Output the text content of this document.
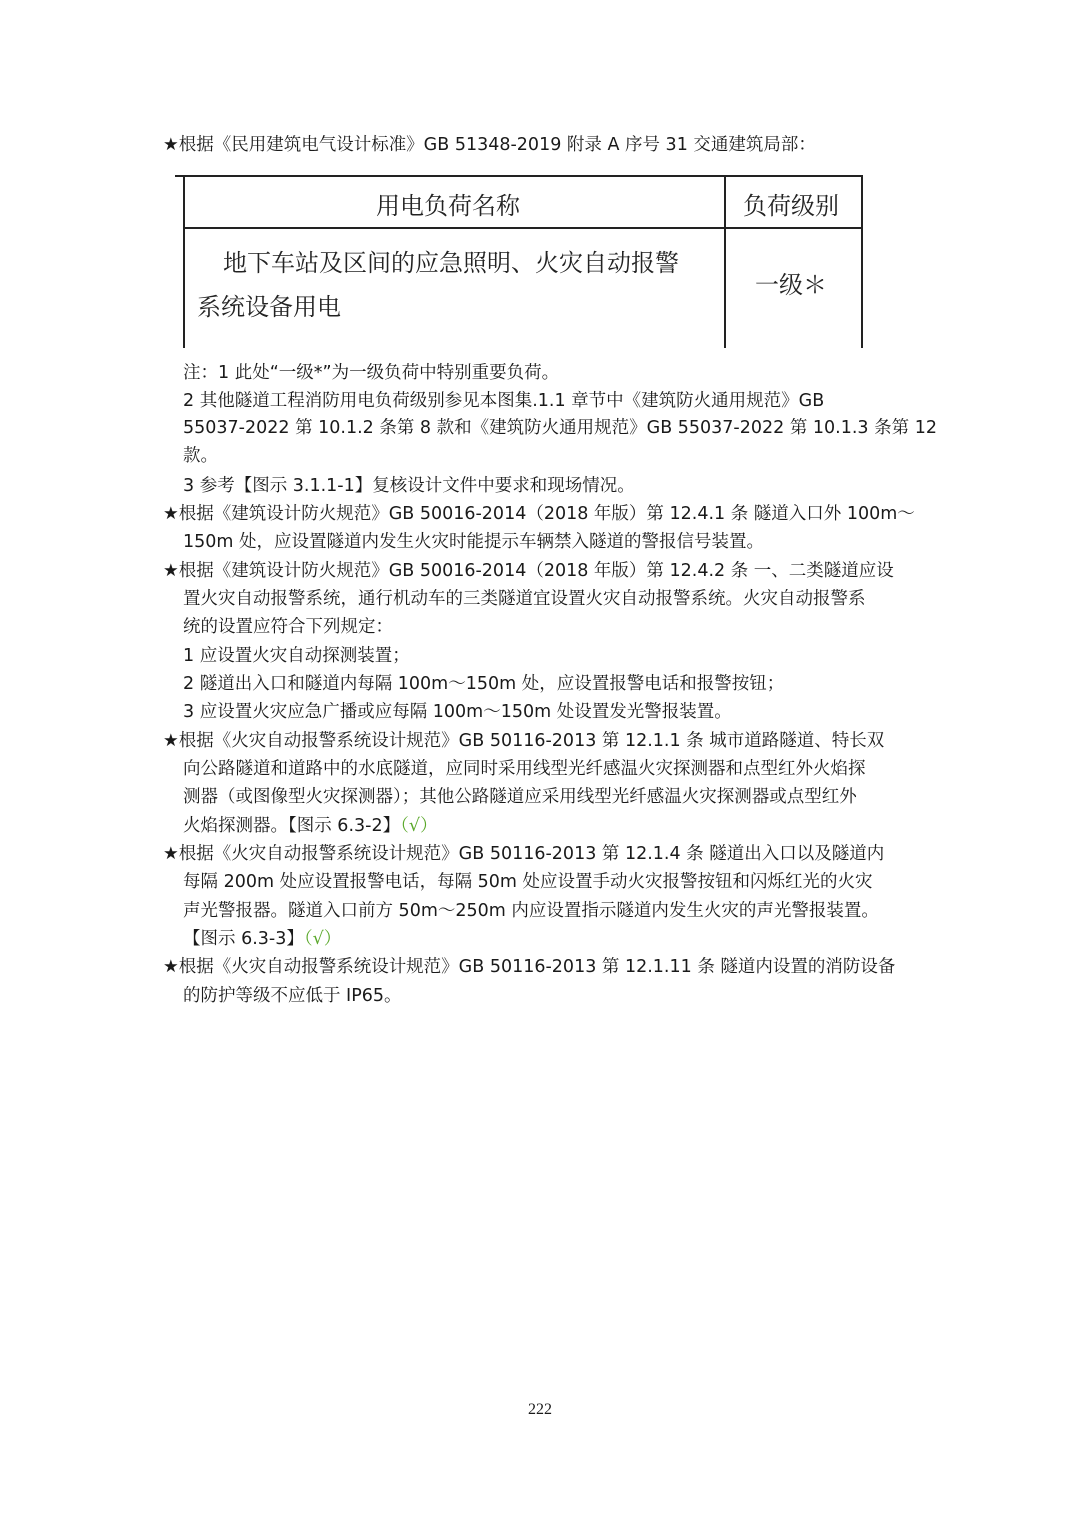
★根据《民用建筑电气设计标准》GB 51348-2019 附录 A 序号 31 交通建筑局部：
用电负荷名称	负荷级别
地下车站及区间的应急照明、火灾自动报警
系统设备用电
一级＊
注：1 此处“一级*”为一级负荷中特别重要负荷。
2 其他隧道工程消防用电负荷级别参见本图集.1.1 章节中《建筑防火通用规范》GB
55037-2022 第 10.1.2 条第 8 款和《建筑防火通用规范》GB 55037-2022 第 10.1.3 条第 12
款。
3 参考【图示 3.1.1-1】复核设计文件中要求和现场情况。
★根据《建筑设计防火规范》GB 50016-2014（2018 年版）第 12.4.1 条 隧道入口外 100m～
150m 处，应设置隧道内发生火灾时能提示车辆禁入隧道的警报信号装置。
★根据《建筑设计防火规范》GB 50016-2014（2018 年版）第 12.4.2 条 一、二类隧道应设
置火灾自动报警系统，通行机动车的三类隧道宜设置火灾自动报警系统。火灾自动报警系
统的设置应符合下列规定：
1 应设置火灾自动探测装置；
2 隧道出入口和隧道内每隔 100m～150m 处，应设置报警电话和报警按钮；
3 应设置火灾应急广播或应每隔 100m～150m 处设置发光警报装置。
★根据《火灾自动报警系统设计规范》GB 50116-2013 第 12.1.1 条 城市道路隧道、特长双
向公路隧道和道路中的水底隧道，应同时采用线型光纤感温火灾探测器和点型红外火焰探
测器（或图像型火灾探测器）；其他公路隧道应采用线型光纤感温火灾探测器或点型红外
火焰探测器。【图示 6.3-2】（√）
★根据《火灾自动报警系统设计规范》GB 50116-2013 第 12.1.4 条 隧道出入口以及隧道内
每隔 200m 处应设置报警电话，每隔 50m 处应设置手动火灾报警按钮和闪烁红光的火灾
声光警报器。隧道入口前方 50m～250m 内应设置指示隧道内发生火灾的声光警报装置。
【图示 6.3-3】（√）
★根据《火灾自动报警系统设计规范》GB 50116-2013 第 12.1.11 条 隧道内设置的消防设备
的防护等级不应低于 IP65。
222
